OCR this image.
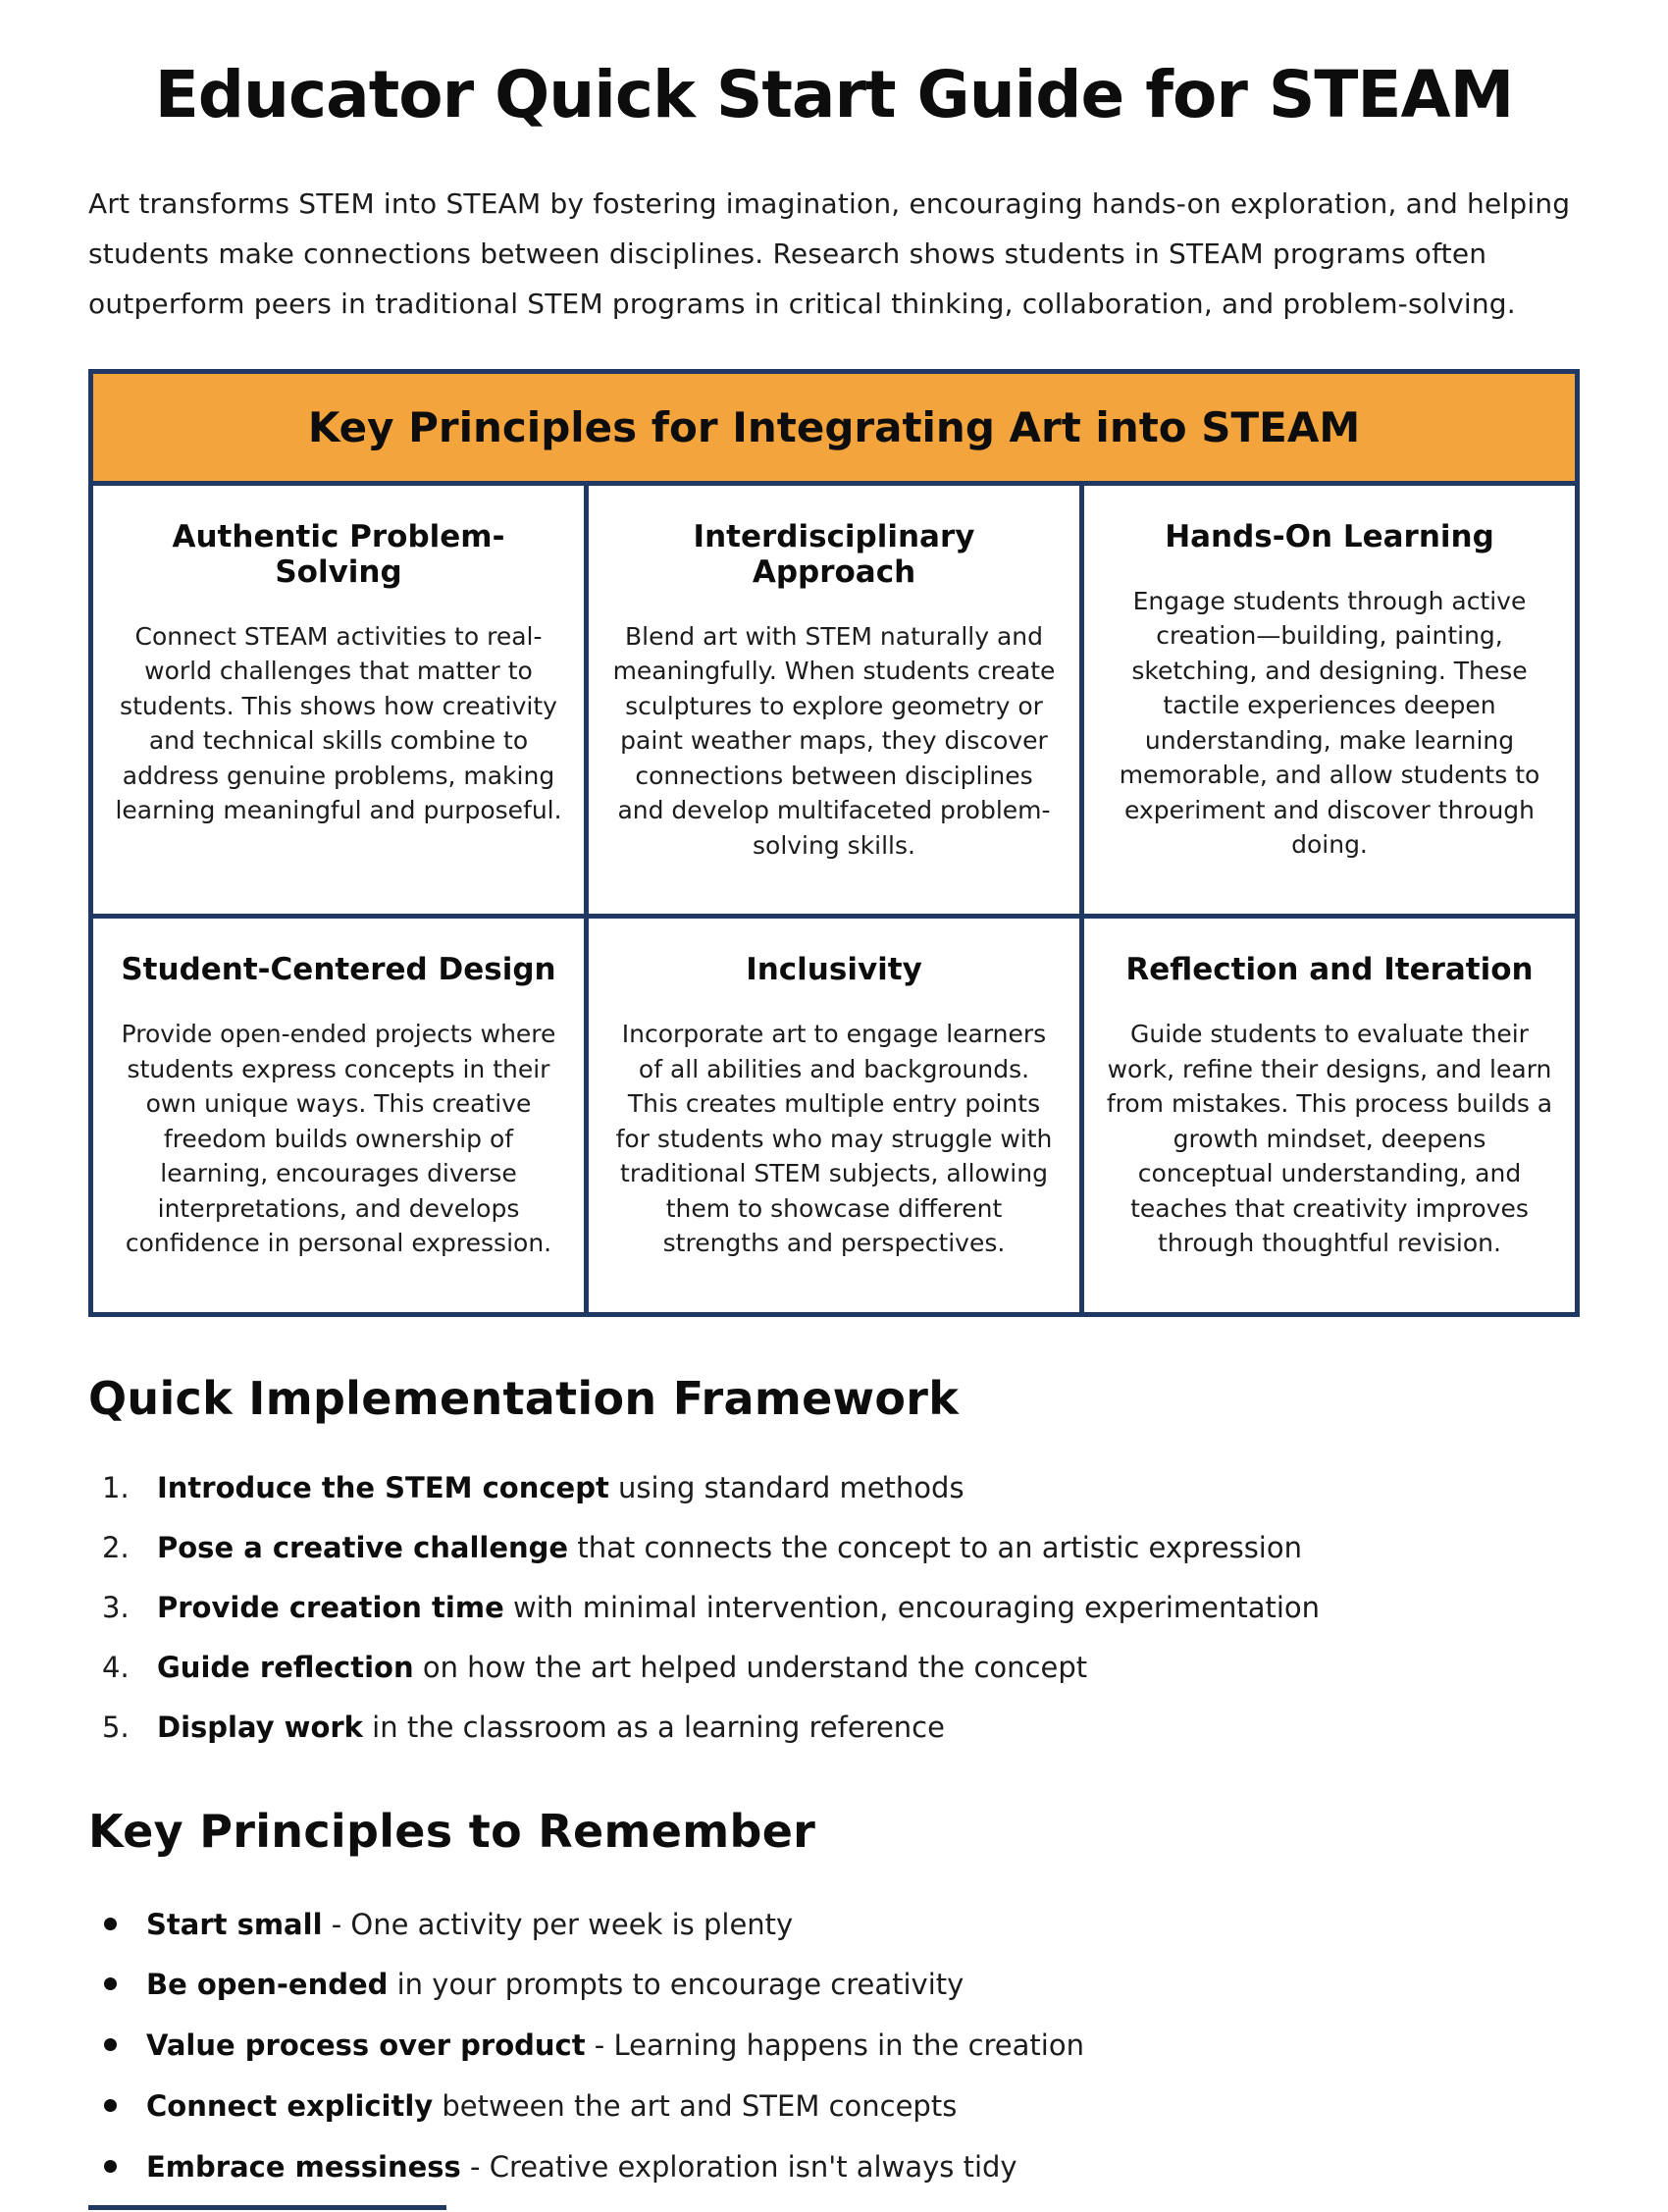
Educator Quick Start Guide for STEAM

Art transforms STEM into STEAM by fostering imagination, encouraging hands-on exploration, and helping students make connections between disciplines. Research shows students in STEAM programs often outperform peers in traditional STEM programs in critical thinking, collaboration, and problem-solving.

Key Principles for Integrating Art into STEAM
Authentic Problem-Solving
Connect STEAM activities to real-world challenges that matter to students. This shows how creativity and technical skills combine to address genuine problems, making learning meaningful and purposeful.
Interdisciplinary Approach
Blend art with STEM naturally and meaningfully. When students create sculptures to explore geometry or paint weather maps, they discover connections between disciplines and develop multifaceted problem-solving skills.
Hands-On Learning
Engage students through active creation—building, painting, sketching, and designing. These tactile experiences deepen understanding, make learning memorable, and allow students to experiment and discover through doing.
Student-Centered Design
Provide open-ended projects where students express concepts in their own unique ways. This creative freedom builds ownership of learning, encourages diverse interpretations, and develops confidence in personal expression.
Inclusivity
Incorporate art to engage learners of all abilities and backgrounds. This creates multiple entry points for students who may struggle with traditional STEM subjects, allowing them to showcase different strengths and perspectives.
Reflection and Iteration
Guide students to evaluate their work, refine their designs, and learn from mistakes. This process builds a growth mindset, deepens conceptual understanding, and teaches that creativity improves through thoughtful revision.
Quick Implementation Framework
1. Introduce the STEM concept using standard methods
2. Pose a creative challenge that connects the concept to an artistic expression
3. Provide creation time with minimal intervention, encouraging experimentation
4. Guide reflection on how the art helped understand the concept
5. Display work in the classroom as a learning reference
Key Principles to Remember
Start small - One activity per week is plenty
Be open-ended in your prompts to encourage creativity
Value process over product - Learning happens in the creation
Connect explicitly between the art and STEM concepts
Embrace messiness - Creative exploration isn't always tidy
